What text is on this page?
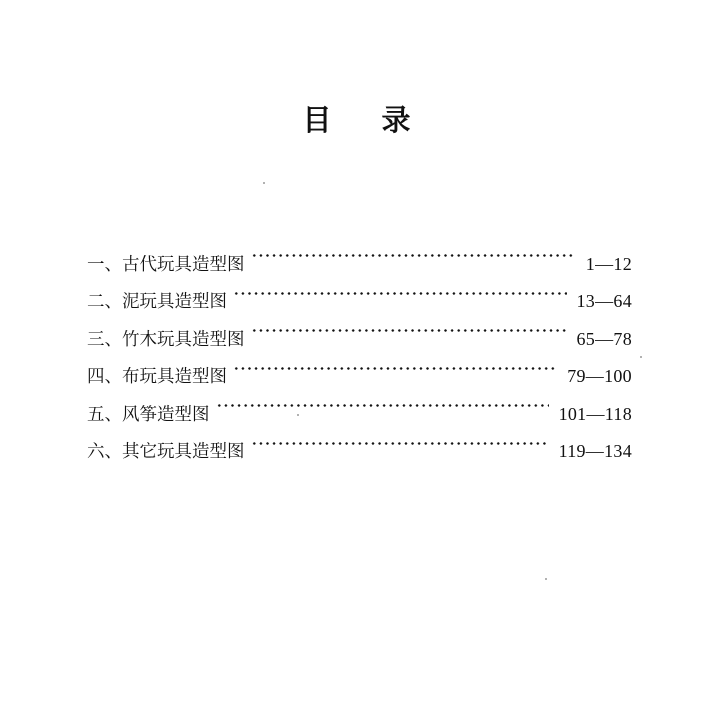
目 录
一、古代玩具造型图	1—12
二、泥玩具造型图	13—64
三、竹木玩具造型图	65—78
四、布玩具造型图	79—100
五、风筝造型图	101—118
六、其它玩具造型图	119—134
